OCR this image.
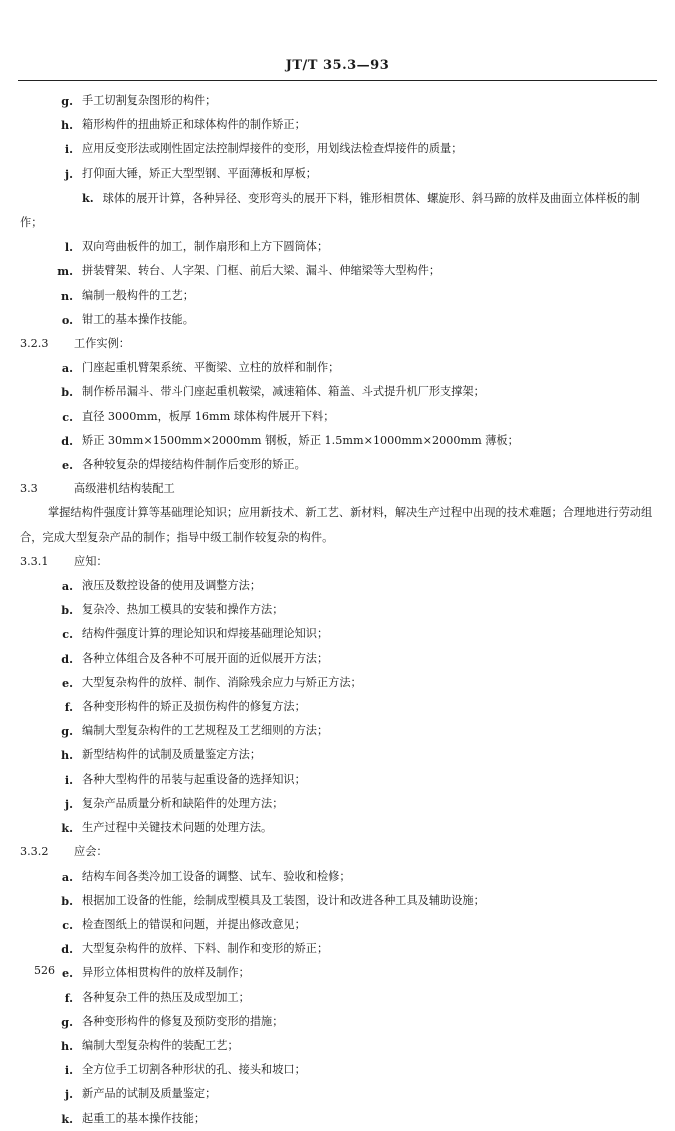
JT/T 35.3—93
g. 手工切割复杂图形的构件；
h. 箱形构件的扭曲矫正和球体构件的制作矫正；
i. 应用反变形法或刚性固定法控制焊接件的变形，用划线法检查焊接件的质量；
j. 打仰面大锤，矫正大型型钢、平面薄板和厚板；
k. 球体的展开计算，各种异径、变形弯头的展开下料，锥形相贯体、螺旋形、斜马蹄的放样及曲面立体样板的制作；
l. 双向弯曲板件的加工，制作扇形和上方下圆筒体；
m. 拼装臂架、转台、人字架、门框、前后大梁、漏斗、伸缩梁等大型构件；
n. 编制一般构件的工艺；
o. 钳工的基本操作技能。
3.2.3 工作实例：
a. 门座起重机臂架系统、平衡梁、立柱的放样和制作；
b. 制作桥吊漏斗、带斗门座起重机鞍梁，减速箱体、箱盖、斗式提升机厂形支撑架；
c. 直径 3000mm，板厚 16mm 球体构件展开下料；
d. 矫正 30mm×1500mm×2000mm 钢板，矫正 1.5mm×1000mm×2000mm 薄板；
e. 各种较复杂的焊接结构件制作后变形的矫正。
3.3	高级港机结构装配工
掌握结构件强度计算等基础理论知识；应用新技术、新工艺、新材料，解决生产过程中出现的技术难题；合理地进行劳动组合，完成大型复杂产品的制作；指导中级工制作较复杂的构件。
3.3.1 应知：
a. 液压及数控设备的使用及调整方法；
b. 复杂冷、热加工模具的安装和操作方法；
c. 结构件强度计算的理论知识和焊接基础理论知识；
d. 各种立体组合及各种不可展开面的近似展开方法；
e. 大型复杂构件的放样、制作、消除残余应力与矫正方法；
f. 各种变形构件的矫正及损伤构件的修复方法；
g. 编制大型复杂构件的工艺规程及工艺细则的方法；
h. 新型结构件的试制及质量鉴定方法；
i. 各种大型构件的吊装与起重设备的选择知识；
j. 复杂产品质量分析和缺陷件的处理方法；
k. 生产过程中关键技术问题的处理方法。
3.3.2 应会：
a. 结构车间各类冷加工设备的调整、试车、验收和检修；
b. 根据加工设备的性能，绘制成型模具及工装图，设计和改进各种工具及辅助设施；
c. 检查图纸上的错误和问题，并提出修改意见；
d. 大型复杂构件的放样、下料、制作和变形的矫正；
e. 异形立体相贯构件的放样及制作；
f. 各种复杂工件的热压及成型加工；
g. 各种变形构件的修复及预防变形的措施；
h. 编制大型复杂构件的装配工艺；
i. 全方位手工切割各种形状的孔、接头和坡口；
j. 新产品的试制及质量鉴定；
k. 起重工的基本操作技能；
526
